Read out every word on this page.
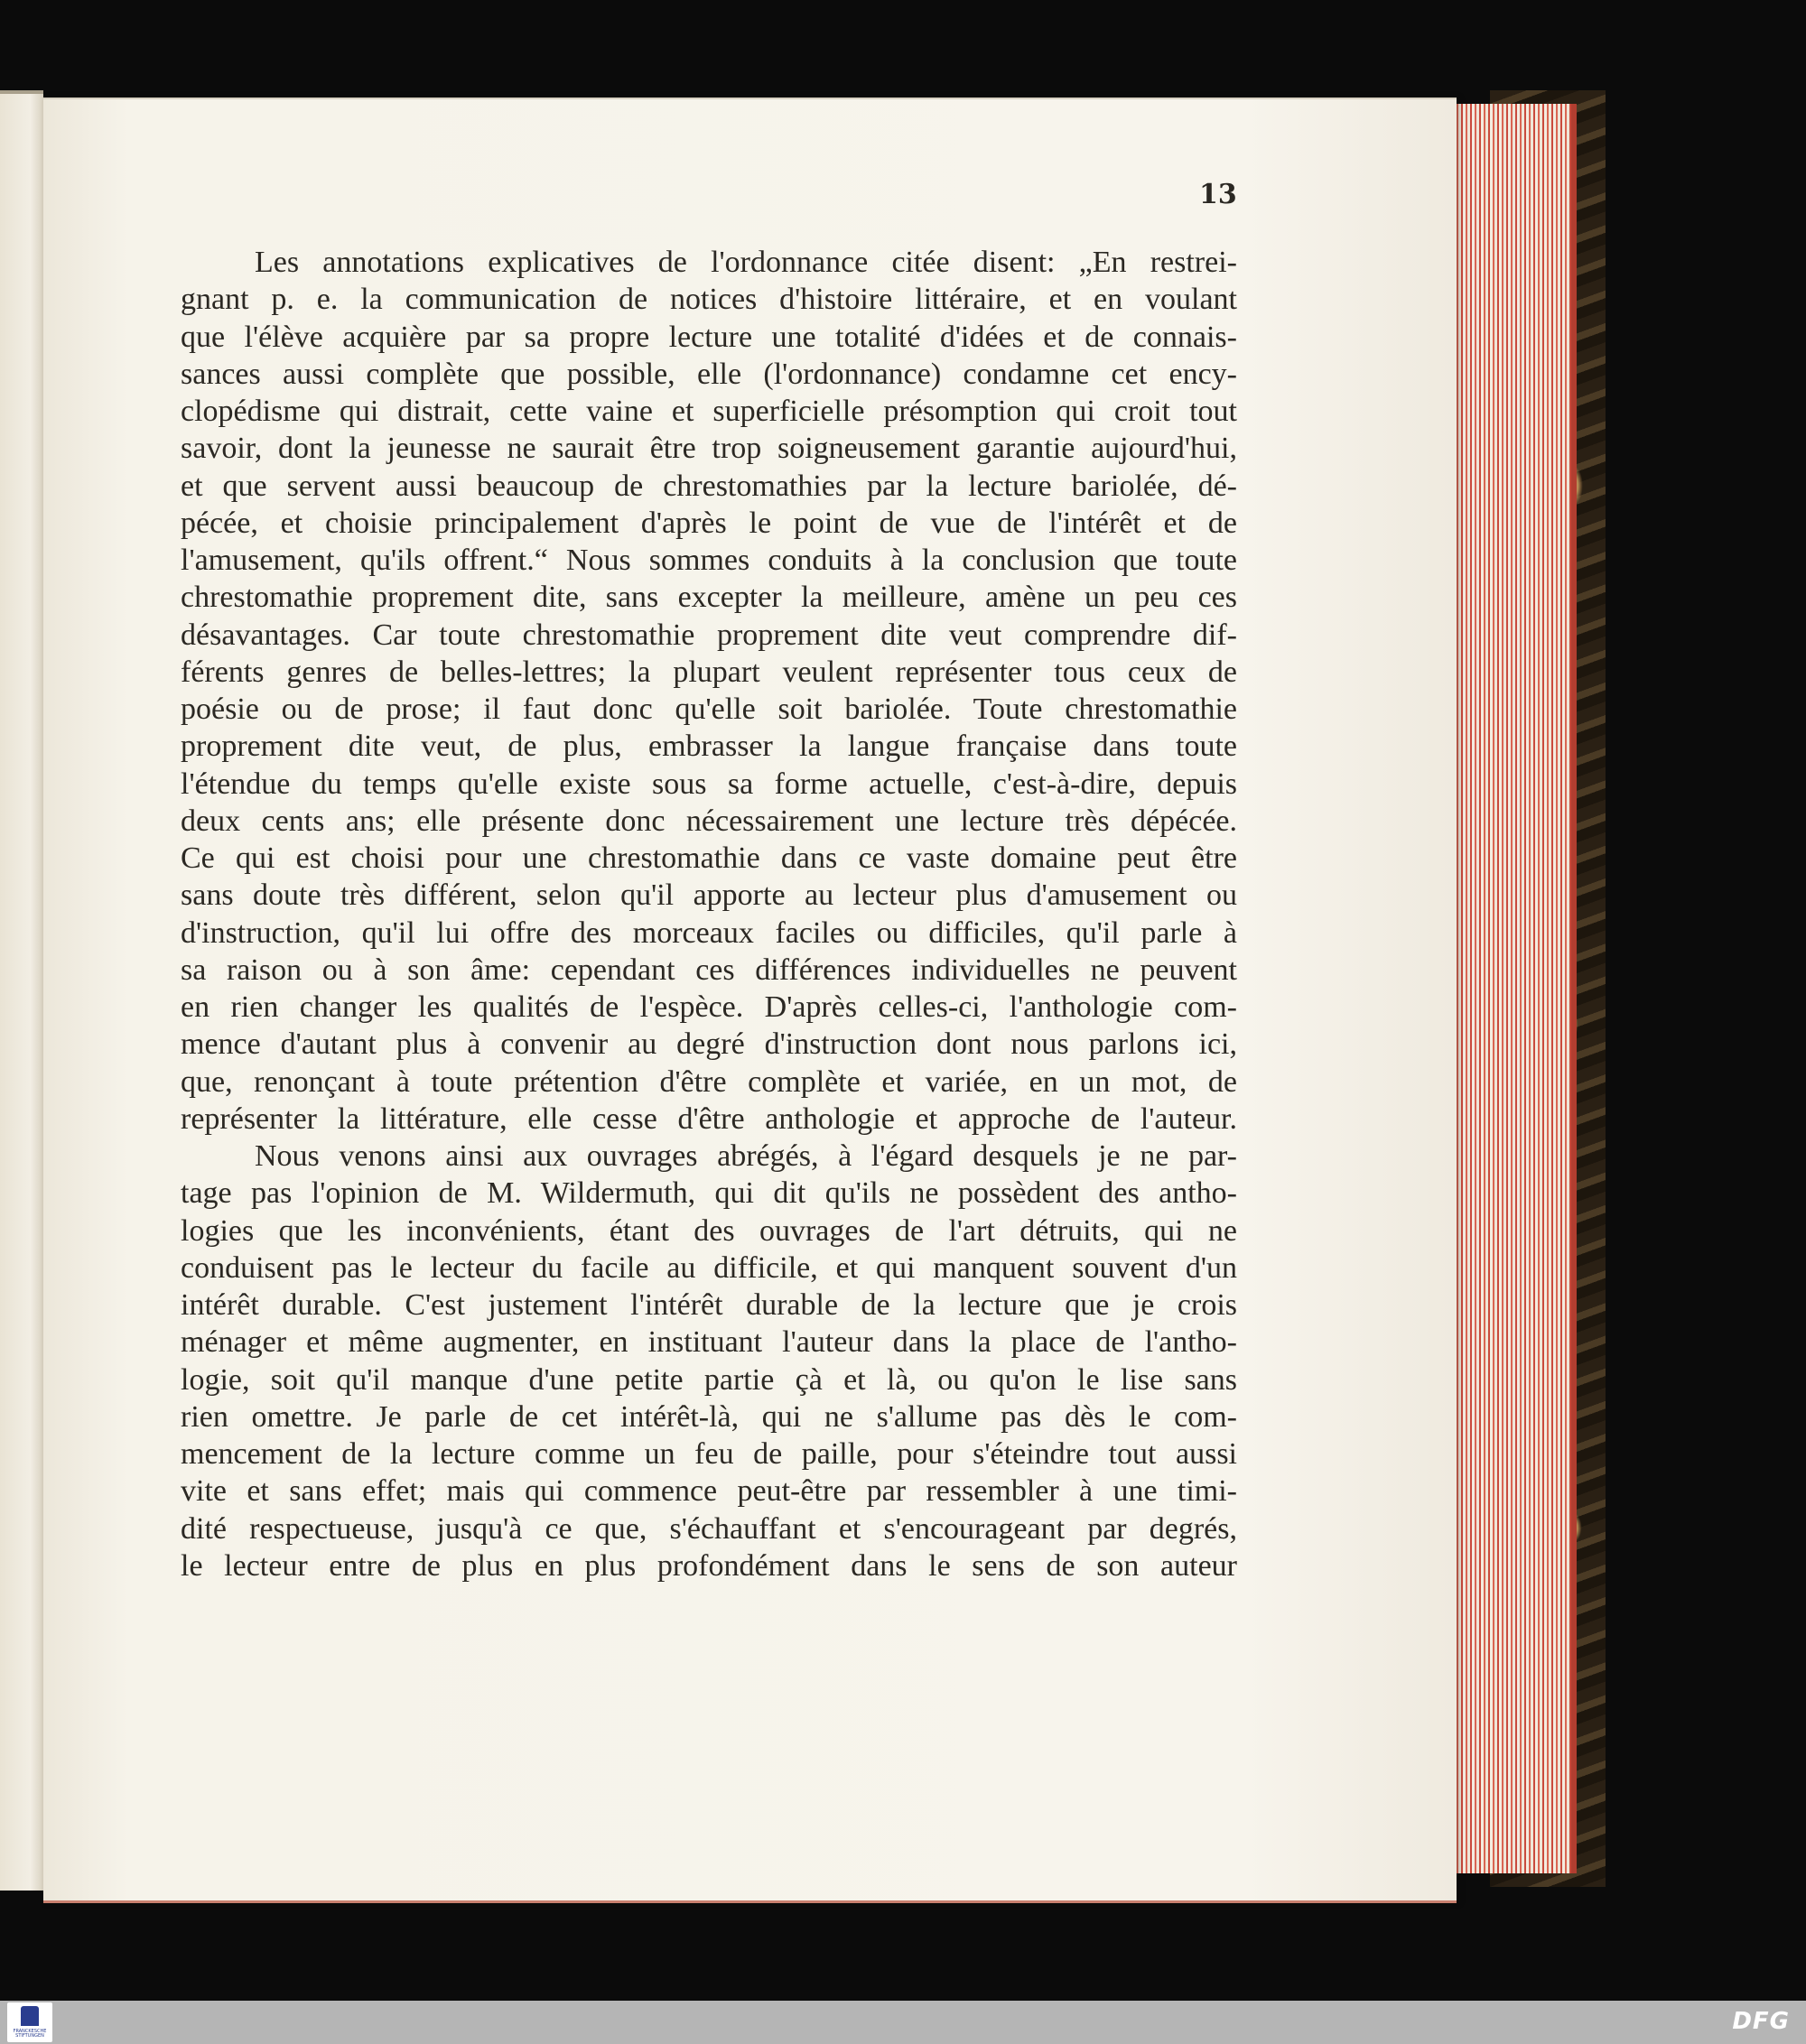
13
Les annotations explicatives de l'ordonnance citée disent: „En restrei-
gnant p. e. la communication de notices d'histoire littéraire, et en voulant
que l'élève acquière par sa propre lecture une totalité d'idées et de connais-
sances aussi complète que possible, elle (l'ordonnance) condamne cet ency-
clopédisme qui distrait, cette vaine et superficielle présomption qui croit tout
savoir, dont la jeunesse ne saurait être trop soigneusement garantie aujourd'hui,
et que servent aussi beaucoup de chrestomathies par la lecture bariolée, dé-
pécée, et choisie principalement d'après le point de vue de l'intérêt et de
l'amusement, qu'ils offrent.“ Nous sommes conduits à la conclusion que toute
chrestomathie proprement dite, sans excepter la meilleure, amène un peu ces
désavantages. Car toute chrestomathie proprement dite veut comprendre dif-
férents genres de belles-lettres; la plupart veulent représenter tous ceux de
poésie ou de prose; il faut donc qu'elle soit bariolée. Toute chrestomathie
proprement dite veut, de plus, embrasser la langue française dans toute
l'étendue du temps qu'elle existe sous sa forme actuelle, c'est-à-dire, depuis
deux cents ans; elle présente donc nécessairement une lecture très dépécée.
Ce qui est choisi pour une chrestomathie dans ce vaste domaine peut être
sans doute très différent, selon qu'il apporte au lecteur plus d'amusement ou
d'instruction, qu'il lui offre des morceaux faciles ou difficiles, qu'il parle à
sa raison ou à son âme: cependant ces différences individuelles ne peuvent
en rien changer les qualités de l'espèce. D'après celles-ci, l'anthologie com-
mence d'autant plus à convenir au degré d'instruction dont nous parlons ici,
que, renonçant à toute prétention d'être complète et variée, en un mot, de
représenter la littérature, elle cesse d'être anthologie et approche de l'auteur.
Nous venons ainsi aux ouvrages abrégés, à l'égard desquels je ne par-
tage pas l'opinion de M. Wildermuth, qui dit qu'ils ne possèdent des antho-
logies que les inconvénients, étant des ouvrages de l'art détruits, qui ne
conduisent pas le lecteur du facile au difficile, et qui manquent souvent d'un
intérêt durable. C'est justement l'intérêt durable de la lecture que je crois
ménager et même augmenter, en instituant l'auteur dans la place de l'antho-
logie, soit qu'il manque d'une petite partie çà et là, ou qu'on le lise sans
rien omettre. Je parle de cet intérêt-là, qui ne s'allume pas dès le com-
mencement de la lecture comme un feu de paille, pour s'éteindre tout aussi
vite et sans effet; mais qui commence peut-être par ressembler à une timi-
dité respectueuse, jusqu'à ce que, s'échauffant et s'encourageant par degrés,
le lecteur entre de plus en plus profondément dans le sens de son auteur
FRANCKESCHE STIFTUNGEN
DFG
